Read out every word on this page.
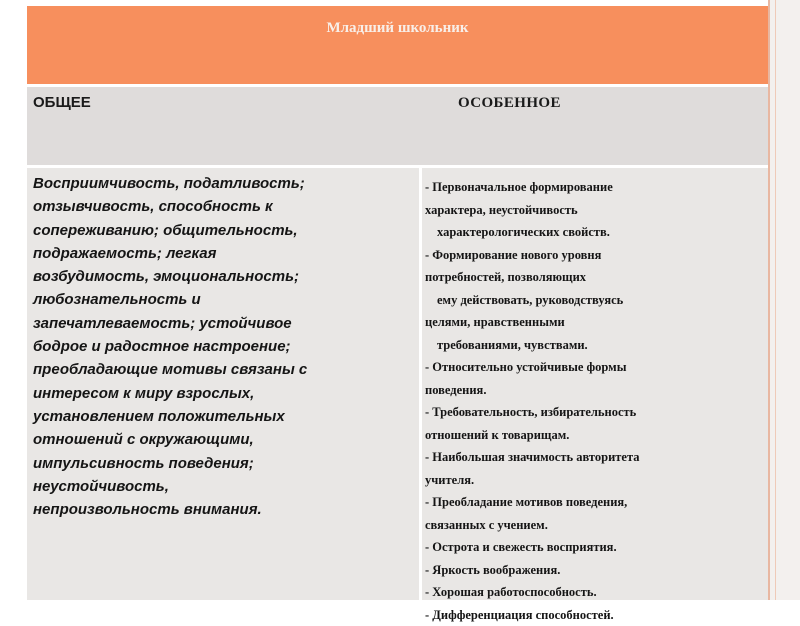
Младший школьник
ОБЩЕЕ	ОСОБЕННОЕ
Восприимчивость, податливость;
отзывчивость, способность к
сопереживанию; общительность,
подражаемость; легкая
возбудимость, эмоциональность;
любознательность и
запечатлеваемость; устойчивое
бодрое и радостное настроение;
преобладающие мотивы связаны с
интересом к миру взрослых,
установлением положительных
отношений с окружающими,
импульсивность поведения;
неустойчивость,
непроизвольность внимания.
- Первоначальное формирование
характера, неустойчивость
характерологических свойств.
- Формирование нового уровня
потребностей, позволяющих
ему действовать, руководствуясь
целями, нравственными
требованиями, чувствами.
- Относительно устойчивые формы
поведения.
- Требовательность, избирательность
отношений к товарищам.
- Наибольшая значимость авторитета
учителя.
- Преобладание мотивов поведения,
связанных с учением.
- Острота и свежесть восприятия.
- Яркость воображения.
- Хорошая работоспособность.
- Дифференциация способностей.
